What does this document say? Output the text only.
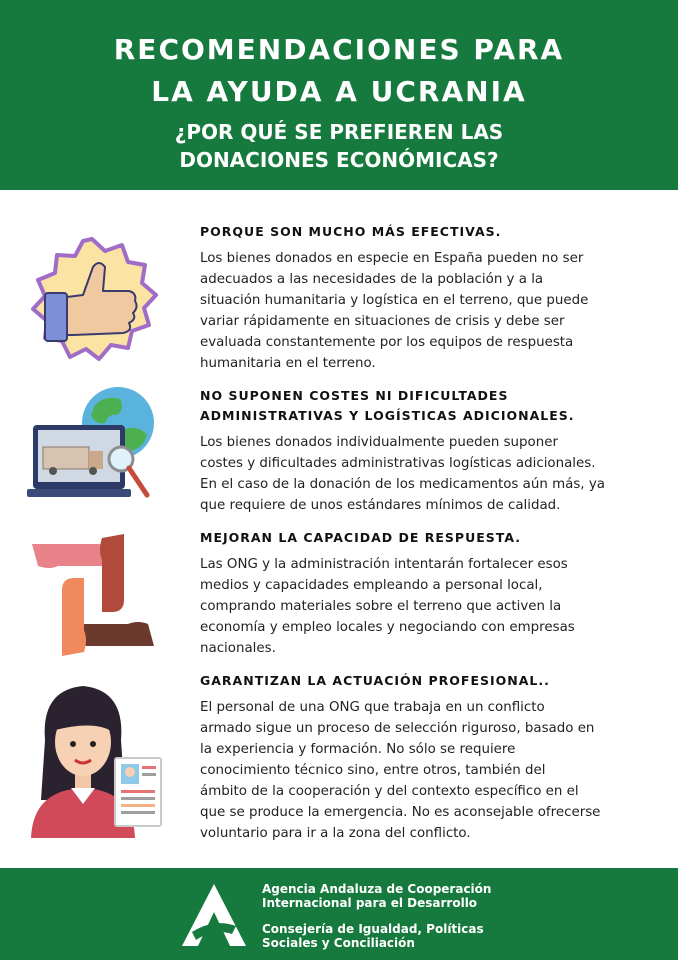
RECOMENDACIONES PARA
LA AYUDA A UCRANIA
¿POR QUÉ SE PREFIEREN LAS
DONACIONES ECONÓMICAS?
PORQUE SON MUCHO MÁS EFECTIVAS.
Los bienes donados en especie en España pueden no ser
adecuados a las necesidades de la población y a la
situación humanitaria y logística en el terreno, que puede
variar rápidamente en situaciones de crisis y debe ser
evaluada constantemente por los equipos de respuesta
humanitaria en el terreno.
NO SUPONEN COSTES NI DIFICULTADES
ADMINISTRATIVAS Y LOGÍSTICAS ADICIONALES.
Los bienes donados individualmente pueden suponer
costes y dificultades administrativas logísticas adicionales.
En el caso de la donación de los medicamentos aún más, ya
que requiere de unos estándares mínimos de calidad.
MEJORAN LA CAPACIDAD DE RESPUESTA.
Las ONG y la administración intentarán fortalecer esos
medios y capacidades empleando a personal local,
comprando materiales sobre el terreno que activen la
economía y empleo locales y negociando con empresas
nacionales.
GARANTIZAN LA ACTUACIÓN PROFESIONAL..
El personal de una ONG que trabaja en un conflicto
armado sigue un proceso de selección riguroso, basado en
la experiencia y formación. No sólo se requiere
conocimiento técnico sino, entre otros, también del
ámbito de la cooperación y del contexto específico en el
que se produce la emergencia. No es aconsejable ofrecerse
voluntario para ir a la zona del conflicto.
Agencia Andaluza de Cooperación
Internacional para el Desarrollo
Consejería de Igualdad, Políticas
Sociales y Conciliación
